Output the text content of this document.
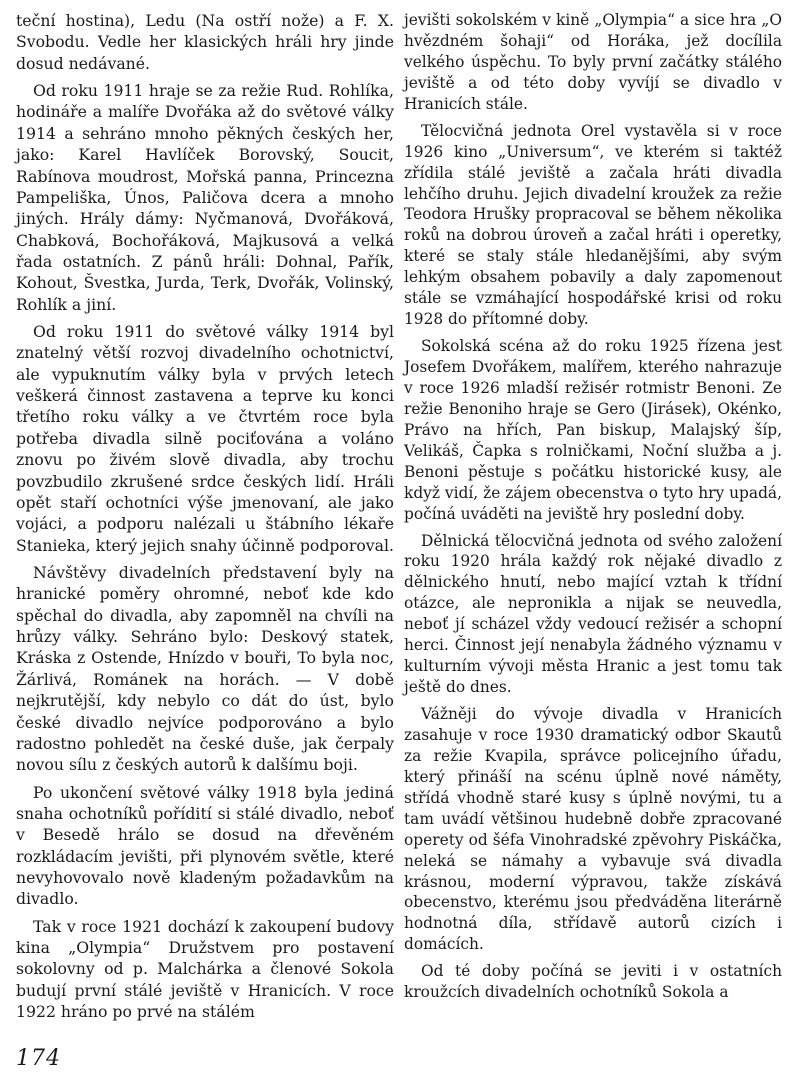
teční hostina), Ledu (Na ostří nože) a F. X. Svobodu. Vedle her klasických hráli hry jinde dosud nedávané.

Od roku 1911 hraje se za režie Rud. Rohlíka, hodináře a malíře Dvořáka až do světové války 1914 a sehráno mnoho pěkných českých her, jako: Karel Havlíček Borovský, Soucit, Rabínova moudrost, Mořská panna, Princezna Pampeliška, Únos, Paličova dcera a mnoho jiných. Hrály dámy: Nyčmanová, Dvořáková, Chabková, Bochořáková, Majkusová a velká řada ostatních. Z pánů hráli: Dohnal, Pařík, Kohout, Švestka, Jurda, Terk, Dvořák, Volinský, Rohlík a jiní.

Od roku 1911 do světové války 1914 byl znatelný větší rozvoj divadelního ochotnictví, ale vypuknutím války byla v prvých letech veškerá činnost zastavena a teprve ku konci třetího roku války a ve čtvrtém roce byla potřeba divadla silně pociťována a voláno znovu po živém slově divadla, aby trochu povzbudilo zkrušené srdce českých lidí. Hráli opět staří ochotníci výše jmenovaní, ale jako vojáci, a podporu nalézali u štábního lékaře Stanieka, který jejich snahy účinně podporoval.

Návštěvy divadelních představení byly na hranické poměry ohromné, neboť kde kdo spěchal do divadla, aby zapomněl na chvíli na hrůzy války. Sehráno bylo: Deskový statek, Kráska z Ostende, Hnízdo v bouři, To byla noc, Žárlivá, Románek na horách. — V době nejkrutější, kdy nebylo co dát do úst, bylo české divadlo nejvíce podporováno a bylo radostno pohledět na české duše, jak čerpaly novou sílu z českých autorů k dalšímu boji.

Po ukončení světové války 1918 byla jediná snaha ochotníků pořídití si stálé divadlo, neboť v Besedě hrálo se dosud na dřevěném rozkládacím jevišti, při plynovém světle, které nevyhovovalo nově kladeným požadavkům na divadlo.

Tak v roce 1921 dochází k zakoupení budovy kina „Olympia“ Družstvem pro postavení sokolovny od p. Malchárka a členové Sokola budují první stálé jeviště v Hranicích. V roce 1922 hráno po prvé na stálém

jevišti sokolském v kině „Olympia“ a sice hra „O hvězdném šohaji“ od Horáka, jež docílila velkého úspěchu. To byly první začátky stálého jeviště a od této doby vyvíjí se divadlo v Hranicích stále.

Tělocvičná jednota Orel vystavěla si v roce 1926 kino „Universum“, ve kterém si taktéž zřídila stálé jeviště a začala hráti divadla lehčího druhu. Jejich divadelní kroužek za režie Teodora Hrušky propracoval se během několika roků na dobrou úroveň a začal hráti i operetky, které se staly stále hledanějšími, aby svým lehkým obsahem pobavily a daly zapomenout stále se vzmáhající hospodářské krisi od roku 1928 do přítomné doby.

Sokolská scéna až do roku 1925 řízena jest Josefem Dvořákem, malířem, kterého nahrazuje v roce 1926 mladší režisér rotmistr Benoni. Ze režie Benoniho hraje se Gero (Jirásek), Okénko, Právo na hřích, Pan biskup, Malajský šíp, Velikáš, Čapka s rolničkami, Noční služba a j. Benoni pěstuje s počátku historické kusy, ale když vidí, že zájem obecenstva o tyto hry upadá, počíná uváděti na jeviště hry poslední doby.

Dělnická tělocvičná jednota od svého založení roku 1920 hrála každý rok nějaké divadlo z dělnického hnutí, nebo mající vztah k třídní otázce, ale nepronikla a nijak se neuvedla, neboť jí scházel vždy vedoucí režisér a schopní herci. Činnost její nenabyla žádného významu v kulturním vývoji města Hranic a jest tomu tak ještě do dnes.

Vážněji do vývoje divadla v Hranicích zasahuje v roce 1930 dramatický odbor Skautů za režie Kvapila, správce policejního úřadu, který přináší na scénu úplně nové náměty, střídá vhodně staré kusy s úplně novými, tu a tam uvádí většinou hudebně dobře zpracované operety od šéfa Vinohradské zpěvohry Piskáčka, neleká se námahy a vybavuje svá divadla krásnou, moderní výpravou, takže získává obecenstvo, kterému jsou předváděna literárně hodnotná díla, střídavě autorů cizích i domácích.

Od té doby počíná se jeviti i v ostatních kroužcích divadelních ochotníků Sokola a

174
